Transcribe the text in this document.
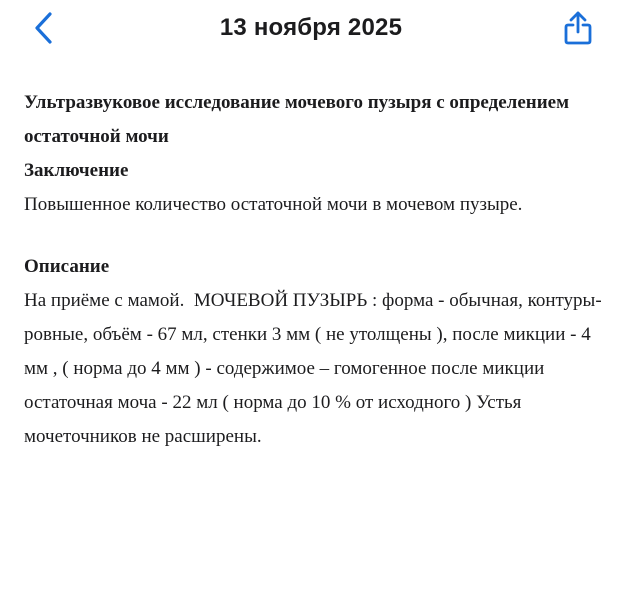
13 ноября 2025

Ультразвуковое исследование мочевого пузыря с определением остаточной мочи

Заключение

Повышенное количество остаточной мочи в мочевом пузыре.

Описание

На приёме с мамой.  МОЧЕВОЙ ПУЗЫРЬ : форма - обычная, контуры- ровные, объём - 67 мл, стенки 3 мм ( не утолщены ), после микции - 4 мм , ( норма до 4 мм ) - содержимое – гомогенное после микции остаточная моча - 22 мл ( норма до 10 % от исходного ) Устья мочеточников не расширены.
